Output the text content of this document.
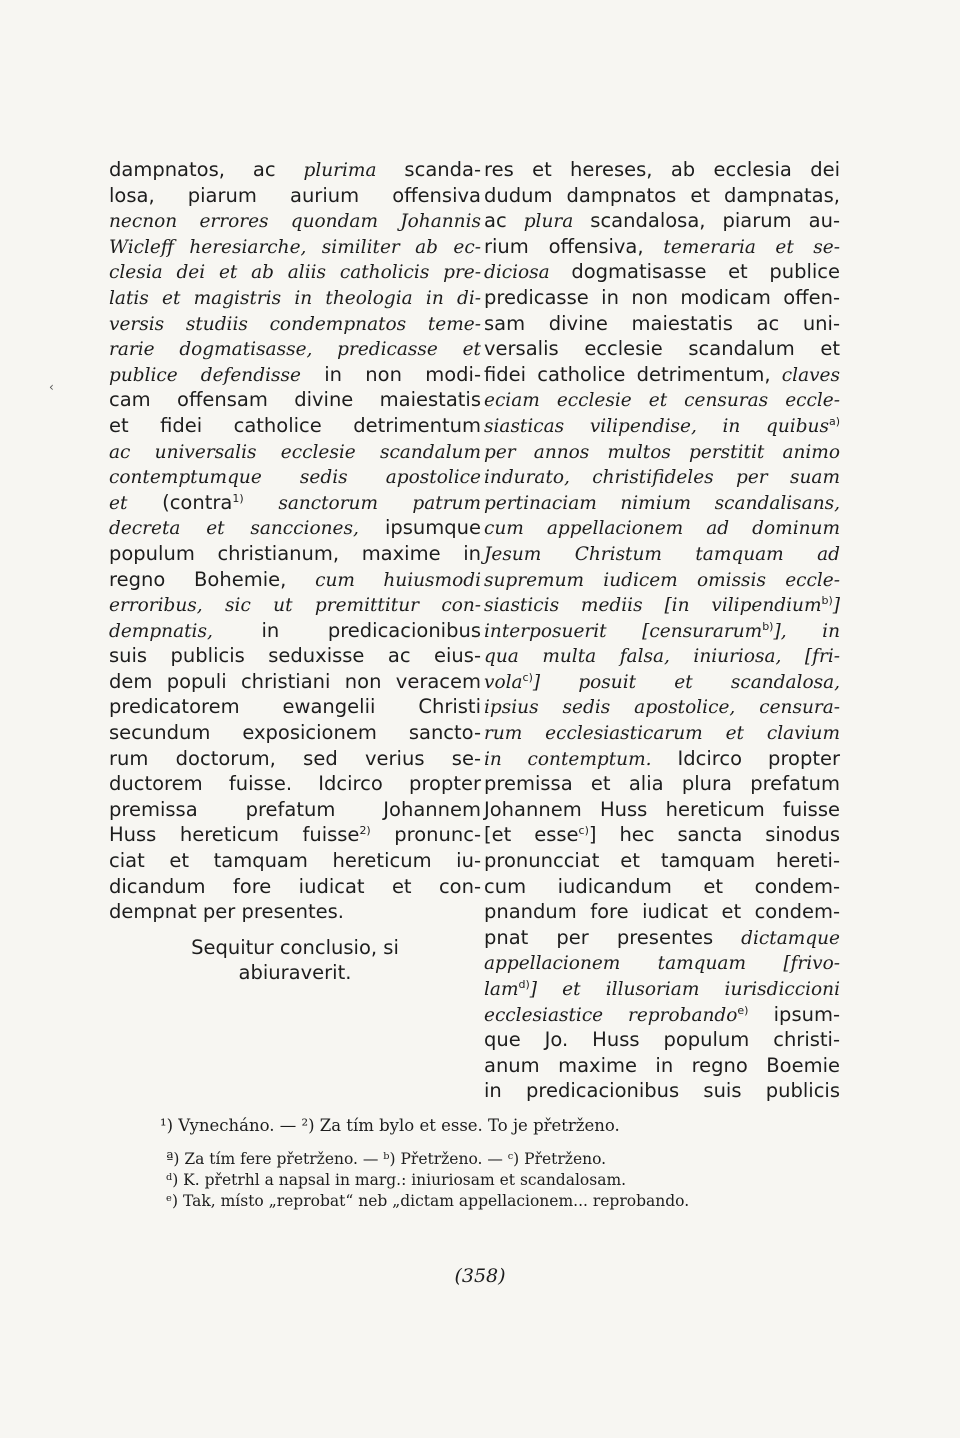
dampnatos, ac plurima scanda-
losa, piarum aurium offensiva
necnon errores quondam Johannis
Wicleff heresiarche, similiter ab ec-
clesia dei et ab aliis catholicis pre-
latis et magistris in theologia in di-
versis studiis condempnatos teme-
rarie dogmatisasse, predicasse et
publice defendisse in non modi-
cam offensam divine maiestatis
et fidei catholice detrimentum
ac universalis ecclesie scandalum
contemptumque sedis apostolice
et (contra$^{1)}$ sanctorum patrum
decreta et sancciones, ipsumque
populum christianum, maxime in
regno Bohemie, cum huiusmodi
erroribus, sic ut premittitur con-
dempnatis, in predicacionibus
suis publicis seduxisse ac eius-
dem populi christiani non veracem
predicatorem ewangelii Christi
secundum exposicionem sancto-
rum doctorum, sed verius se-
ductorem fuisse. Idcirco propter
premissa prefatum Johannem
Huss hereticum fuisse$^{2)}$ pronunc-
ciat et tamquam hereticum iu-
dicandum fore iudicat et con-
dempnat per presentes.
Sequitur conclusio, si
abiuraverit.
res et hereses, ab ecclesia dei
dudum dampnatos et dampnatas,
ac plura scandalosa, piarum au-
rium offensiva, temeraria et se-
diciosa dogmatisasse et publice
predicasse in non modicam offen-
sam divine maiestatis ac uni-
versalis ecclesie scandalum et
fidei catholice detrimentum, claves
eciam ecclesie et censuras eccle-
siasticas vilipendise, in quibus$^{a)}$
per annos multos perstitit animo
indurato, christifideles per suam
pertinaciam nimium scandalisans,
cum appellacionem ad dominum
Jesum Christum tamquam ad
supremum iudicem omissis eccle-
siasticis mediis [in vilipendium$^{b)}$]
interposuerit [censurarum$^{b)}$], in
qua multa falsa, iniuriosa, [fri-
vola$^{c)}$] posuit et scandalosa,
ipsius sedis apostolice, censura-
rum ecclesiasticarum et clavium
in contemptum. Idcirco propter
premissa et alia plura prefatum
Johannem Huss hereticum fuisse
[et esse$^{c)}$] hec sancta sinodus
pronuncciat et tamquam hereti-
cum iudicandum et condem-
pnandum fore iudicat et condem-
pnat per presentes dictamque
appellacionem tamquam [frivo-
lam$^{d)}$] et illusoriam iurisdiccioni
ecclesiastice reprobando$^{e)}$ ipsum-
que Jo. Huss populum christi-
anum maxime in regno Boemie
in predicacionibus suis publicis
¹) Vynecháno. — ²) Za tím bylo et esse. To je přetrženo.
ª) Za tím fere přetrženo. — ᵇ) Přetrženo. — ᶜ) Přetrženo.
ᵈ) K. přetrhl a napsal in marg.: iniuriosam et scandalosam.
ᵉ) Tak, místo „reprobat“ neb „dictam appellacionem... reprobando.
(358)
‹
